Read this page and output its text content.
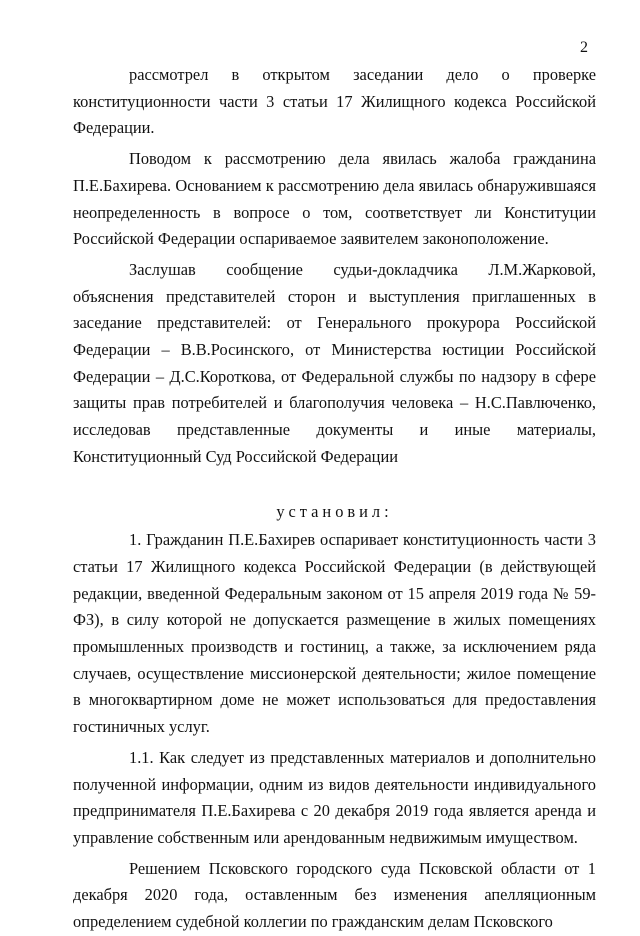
2

рассмотрел в открытом заседании дело о проверке конституционности части 3 статьи 17 Жилищного кодекса Российской Федерации.

Поводом к рассмотрению дела явилась жалоба гражданина П.Е.Бахирева. Основанием к рассмотрению дела явилась обнаружившаяся неопределенность в вопросе о том, соответствует ли Конституции Российской Федерации оспариваемое заявителем законоположение.

Заслушав сообщение судьи-докладчика Л.М.Жарковой, объяснения представителей сторон и выступления приглашенных в заседание представителей: от Генерального прокурора Российской Федерации – В.В.Росинского, от Министерства юстиции Российской Федерации – Д.С.Короткова, от Федеральной службы по надзору в сфере защиты прав потребителей и благополучия человека – Н.С.Павлюченко, исследовав представленные документы и иные материалы, Конституционный Суд Российской Федерации

установил:

1. Гражданин П.Е.Бахирев оспаривает конституционность части 3 статьи 17 Жилищного кодекса Российской Федерации (в действующей редакции, введенной Федеральным законом от 15 апреля 2019 года № 59-ФЗ), в силу которой не допускается размещение в жилых помещениях промышленных производств и гостиниц, а также, за исключением ряда случаев, осуществление миссионерской деятельности; жилое помещение в многоквартирном доме не может использоваться для предоставления гостиничных услуг.

1.1. Как следует из представленных материалов и дополнительно полученной информации, одним из видов деятельности индивидуального предпринимателя П.Е.Бахирева с 20 декабря 2019 года является аренда и управление собственным или арендованным недвижимым имуществом.

Решением Псковского городского суда Псковской области от 1 декабря 2020 года, оставленным без изменения апелляционным определением судебной коллегии по гражданским делам Псковского
